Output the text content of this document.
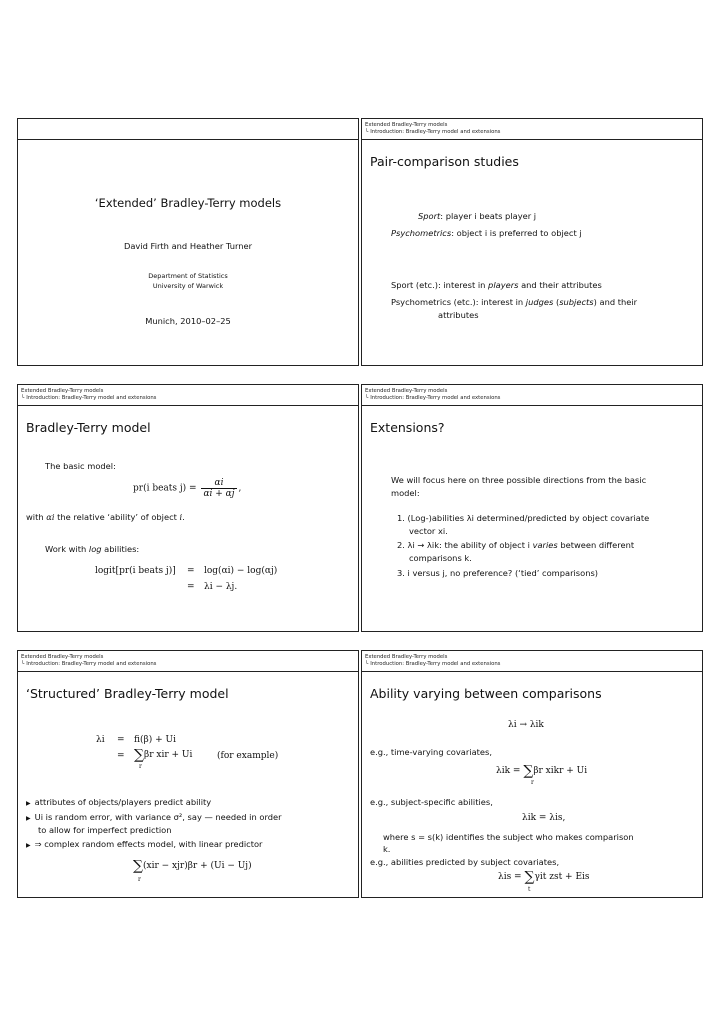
‘Extended’ Bradley-Terry models
David Firth and Heather Turner
Department of Statistics
University of Warwick
Munich, 2010–02–25
Extended Bradley-Terry models
└ Introduction: Bradley-Terry model and extensions
Pair-comparison studies
Sport: player i beats player j
Psychometrics: object i is preferred to object j
Sport (etc.): interest in players and their attributes
Psychometrics (etc.): interest in judges (subjects) and their
attributes
Extended Bradley-Terry models
└ Introduction: Bradley-Terry model and extensions
Bradley-Terry model
The basic model:
pr(i beats $j) = \frac{\alpha i}{\alpha i + \alpha j}$ ,
with αi the relative ‘ability’ of object i.
Work with log abilities:
logit[pr(i beats j)] = log(αi) − log(αj)
= λi − λj.
Extended Bradley-Terry models
└ Introduction: Bradley-Terry model and extensions
Extensions?
We will focus here on three possible directions from the basic
model:
1. (Log-)abilities λi determined/predicted by object covariate
vector xi.
2. λi → λik: the ability of object i varies between different
comparisons k.
3. i versus j, no preference? (‘tied’ comparisons)
Extended Bradley-Terry models
└ Introduction: Bradley-Terry model and extensions
‘Structured’ Bradley-Terry model
λi = fi(β) + Ui
= ∑βr xir + Ui
r
(for example)
▶ attributes of objects/players predict ability
▶ Ui is random error, with variance σ², say — needed in order
to allow for imperfect prediction
▶ ⇒ complex random effects model, with linear predictor
∑(xir − xjr)βr + (Ui − Uj)
r
Extended Bradley-Terry models
└ Introduction: Bradley-Terry model and extensions
Ability varying between comparisons
λi → λik
e.g., time-varying covariates,
λik = ∑βr xikr + Ui
r
e.g., subject-specific abilities,
λik = λis,
where s = s(k) identifies the subject who makes comparison
k.
e.g., abilities predicted by subject covariates,
λis = ∑γit zst + Eis
t
